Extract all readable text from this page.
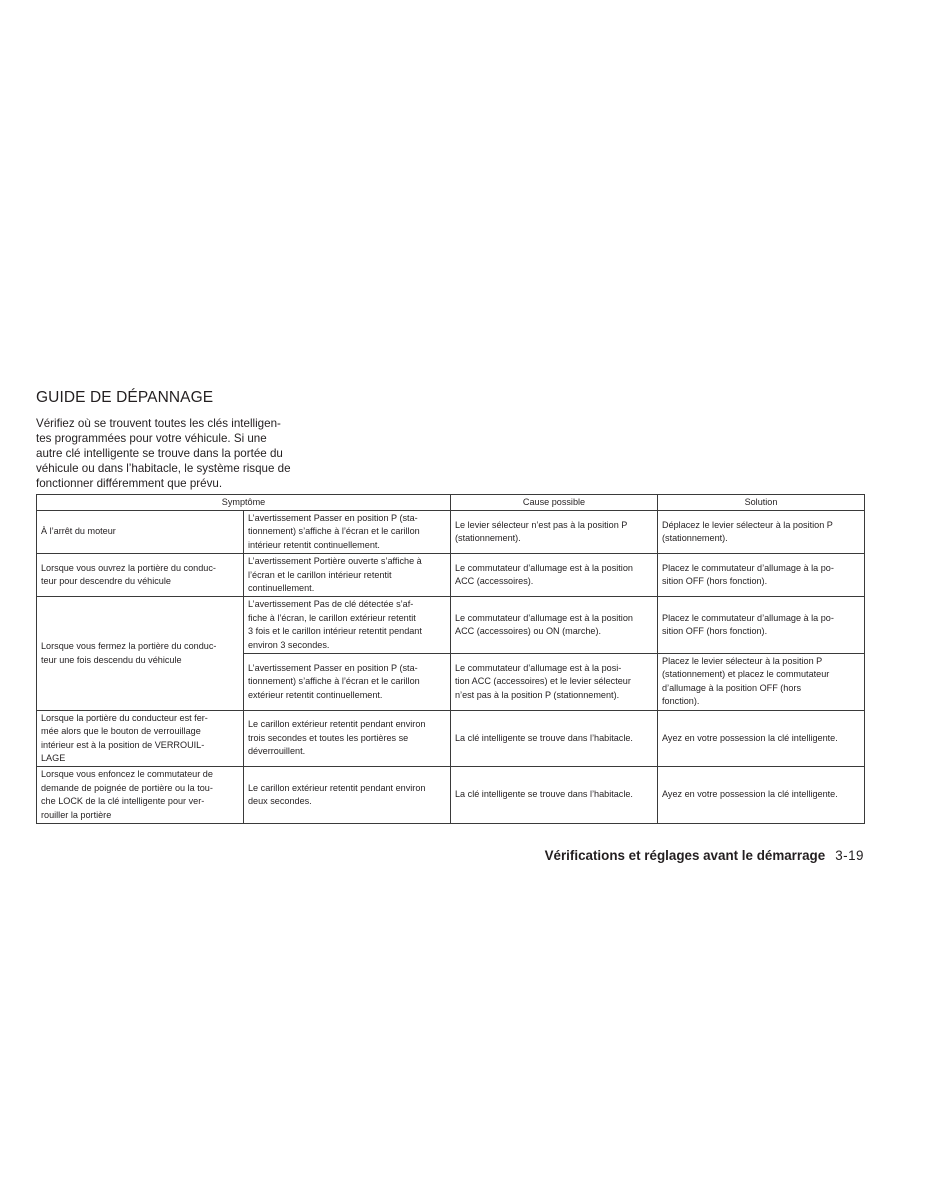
GUIDE DE DÉPANNAGE

Vérifiez où se trouvent toutes les clés intelligen-
tes programmées pour votre véhicule. Si une
autre clé intelligente se trouve dans la portée du
véhicule ou dans l’habitacle, le système risque de
fonctionner différemment que prévu.

Symptôme		Cause possible	Solution

À l’arrêt du moteur	L’avertissement Passer en position P (sta-
tionnement) s’affiche à l’écran et le carillon
intérieur retentit continuellement.	Le levier sélecteur n’est pas à la position P
(stationnement).	Déplacez le levier sélecteur à la position P
(stationnement).

Lorsque vous ouvrez la portière du conduc-
teur pour descendre du véhicule	L’avertissement Portière ouverte s’affiche à
l’écran et le carillon intérieur retentit
continuellement.	Le commutateur d’allumage est à la position
ACC (accessoires).	Placez le commutateur d’allumage à la po-
sition OFF (hors fonction).

Lorsque vous fermez la portière du conduc-
teur une fois descendu du véhicule	L’avertissement Pas de clé détectée s’af-
fiche à l’écran, le carillon extérieur retentit
3 fois et le carillon intérieur retentit pendant
environ 3 secondes.	Le commutateur d’allumage est à la position
ACC (accessoires) ou ON (marche).	Placez le commutateur d’allumage à la po-
sition OFF (hors fonction).

	L’avertissement Passer en position P (sta-
tionnement) s’affiche à l’écran et le carillon
extérieur retentit continuellement.	Le commutateur d’allumage est à la posi-
tion ACC (accessoires) et le levier sélecteur
n’est pas à la position P (stationnement).	Placez le levier sélecteur à la position P
(stationnement) et placez le commutateur
d’allumage à la position OFF (hors
fonction).

Lorsque la portière du conducteur est fer-
mée alors que le bouton de verrouillage
intérieur est à la position de VERROUIL-
LAGE	Le carillon extérieur retentit pendant environ
trois secondes et toutes les portières se
déverrouillent.	La clé intelligente se trouve dans l’habitacle.	Ayez en votre possession la clé intelligente.

Lorsque vous enfoncez le commutateur de
demande de poignée de portière ou la tou-
che LOCK de la clé intelligente pour ver-
rouiller la portière	Le carillon extérieur retentit pendant environ
deux secondes.	La clé intelligente se trouve dans l’habitacle.	Ayez en votre possession la clé intelligente.
Vérifications et réglages avant le démarrage 3-19
